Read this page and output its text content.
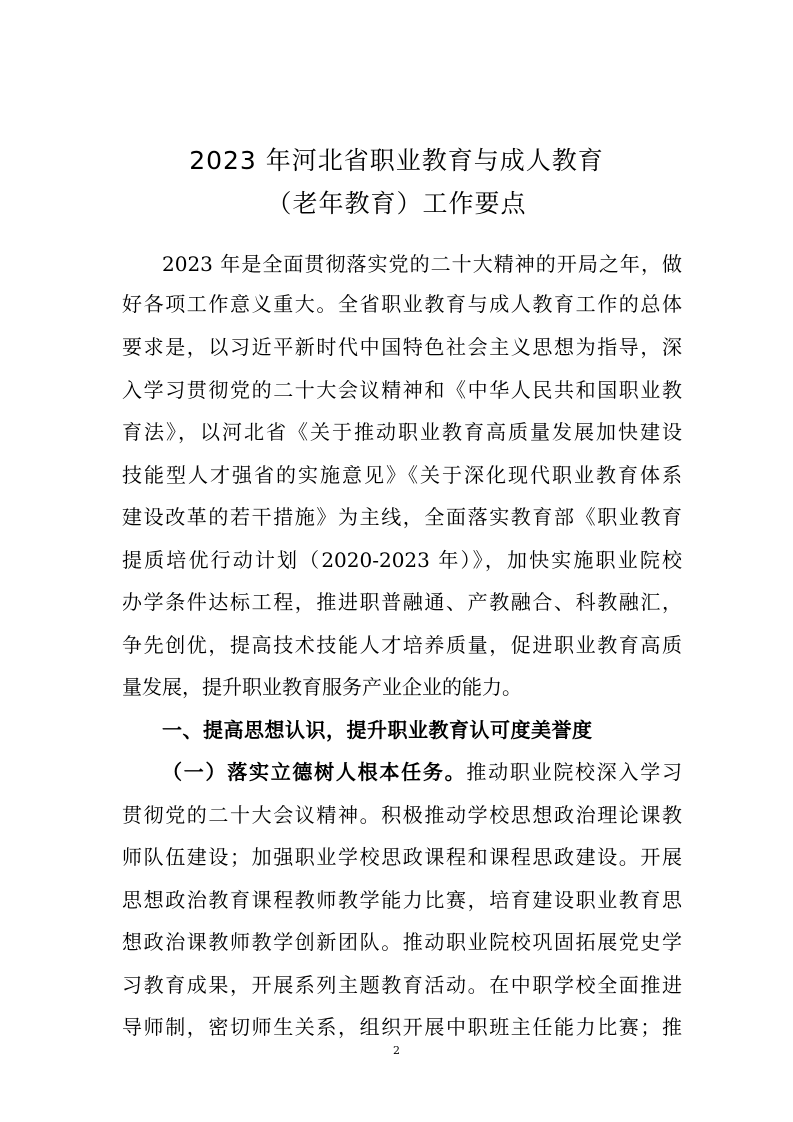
2023 年河北省职业教育与成人教育
（老年教育）工作要点
2023 年是全面贯彻落实党的二十大精神的开局之年，做
好各项工作意义重大。全省职业教育与成人教育工作的总体
要求是，以习近平新时代中国特色社会主义思想为指导，深
入学习贯彻党的二十大会议精神和《中华人民共和国职业教
育法》，以河北省《关于推动职业教育高质量发展加快建设
技能型人才强省的实施意见》《关于深化现代职业教育体系
建设改革的若干措施》为主线，全面落实教育部《职业教育
提质培优行动计划（2020-2023 年）》，加快实施职业院校
办学条件达标工程，推进职普融通、产教融合、科教融汇，
争先创优，提高技术技能人才培养质量，促进职业教育高质
量发展，提升职业教育服务产业企业的能力。
一、提高思想认识，提升职业教育认可度美誉度
（一）落实立德树人根本任务。推动职业院校深入学习
贯彻党的二十大会议精神。积极推动学校思想政治理论课教
师队伍建设；加强职业学校思政课程和课程思政建设。开展
思想政治教育课程教师教学能力比赛，培育建设职业教育思
想政治课教师教学创新团队。推动职业院校巩固拓展党史学
习教育成果，开展系列主题教育活动。在中职学校全面推进
导师制，密切师生关系，组织开展中职班主任能力比赛；推
2
